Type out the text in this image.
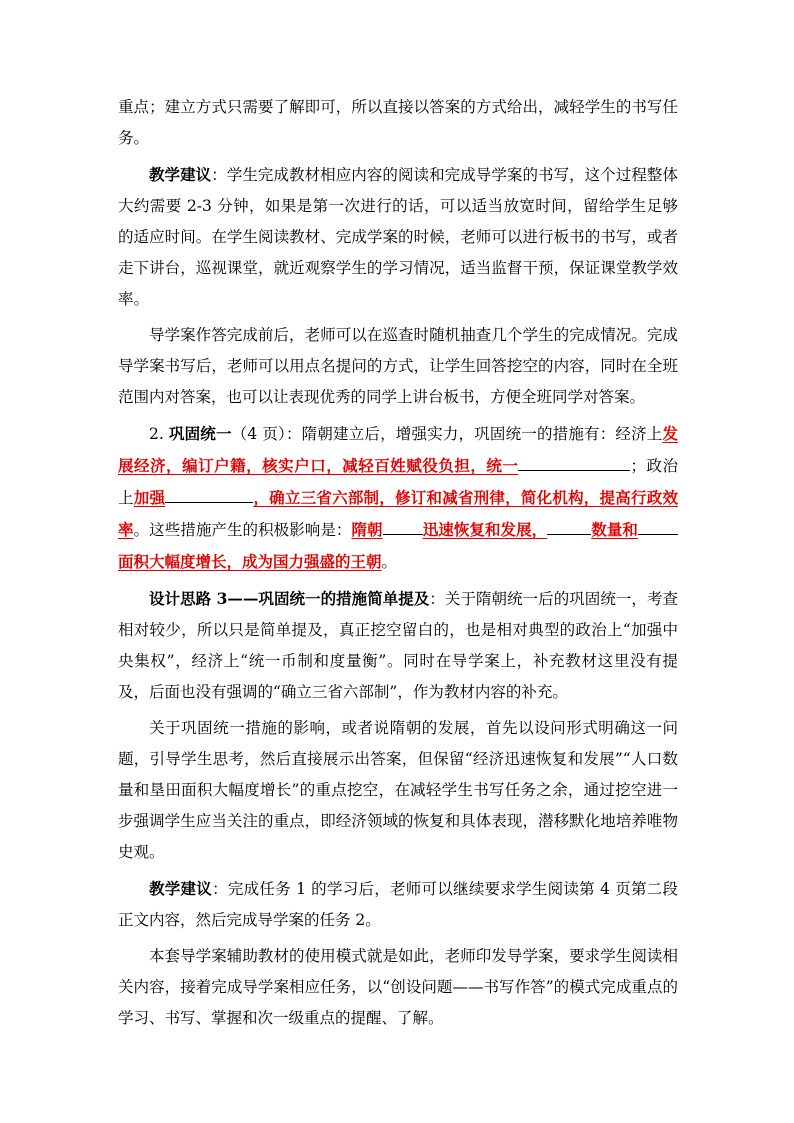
重点；建立方式只需要了解即可，所以直接以答案的方式给出，减轻学生的书写任务。

教学建议：学生完成教材相应内容的阅读和完成导学案的书写，这个过程整体大约需要 2-3 分钟，如果是第一次进行的话，可以适当放宽时间，留给学生足够的适应时间。在学生阅读教材、完成学案的时候，老师可以进行板书的书写，或者走下讲台，巡视课堂，就近观察学生的学习情况，适当监督干预，保证课堂教学效率。

导学案作答完成前后，老师可以在巡查时随机抽查几个学生的完成情况。完成导学案书写后，老师可以用点名提问的方式，让学生回答挖空的内容，同时在全班范围内对答案，也可以让表现优秀的同学上讲台板书，方便全班同学对答案。

2. 巩固统一（4 页）：隋朝建立后，增强实力，巩固统一的措施有：经济上发展经济，编订户籍，核实户口，减轻百姓赋役负担，统一	；政治上加强	，确立三省六部制，修订和减省刑律，简化机构，提高行政效率。这些措施产生的积极影响是：隋朝	迅速恢复和发展，	数量和面积大幅度增长，成为国力强盛的王朝。

设计思路 3——巩固统一的措施简单提及：关于隋朝统一后的巩固统一，考查相对较少，所以只是简单提及，真正挖空留白的，也是相对典型的政治上“加强中央集权”，经济上“统一币制和度量衡”。同时在导学案上，补充教材这里没有提及，后面也没有强调的“确立三省六部制”，作为教材内容的补充。

关于巩固统一措施的影响，或者说隋朝的发展，首先以设问形式明确这一问题，引导学生思考，然后直接展示出答案，但保留“经济迅速恢复和发展”“人口数量和垦田面积大幅度增长”的重点挖空，在减轻学生书写任务之余，通过挖空进一步强调学生应当关注的重点，即经济领域的恢复和具体表现，潜移默化地培养唯物史观。

教学建议：完成任务 1 的学习后，老师可以继续要求学生阅读第 4 页第二段正文内容，然后完成导学案的任务 2。

本套导学案辅助教材的使用模式就是如此，老师印发导学案，要求学生阅读相关内容，接着完成导学案相应任务，以“创设问题——书写作答”的模式完成重点的学习、书写、掌握和次一级重点的提醒、了解。
